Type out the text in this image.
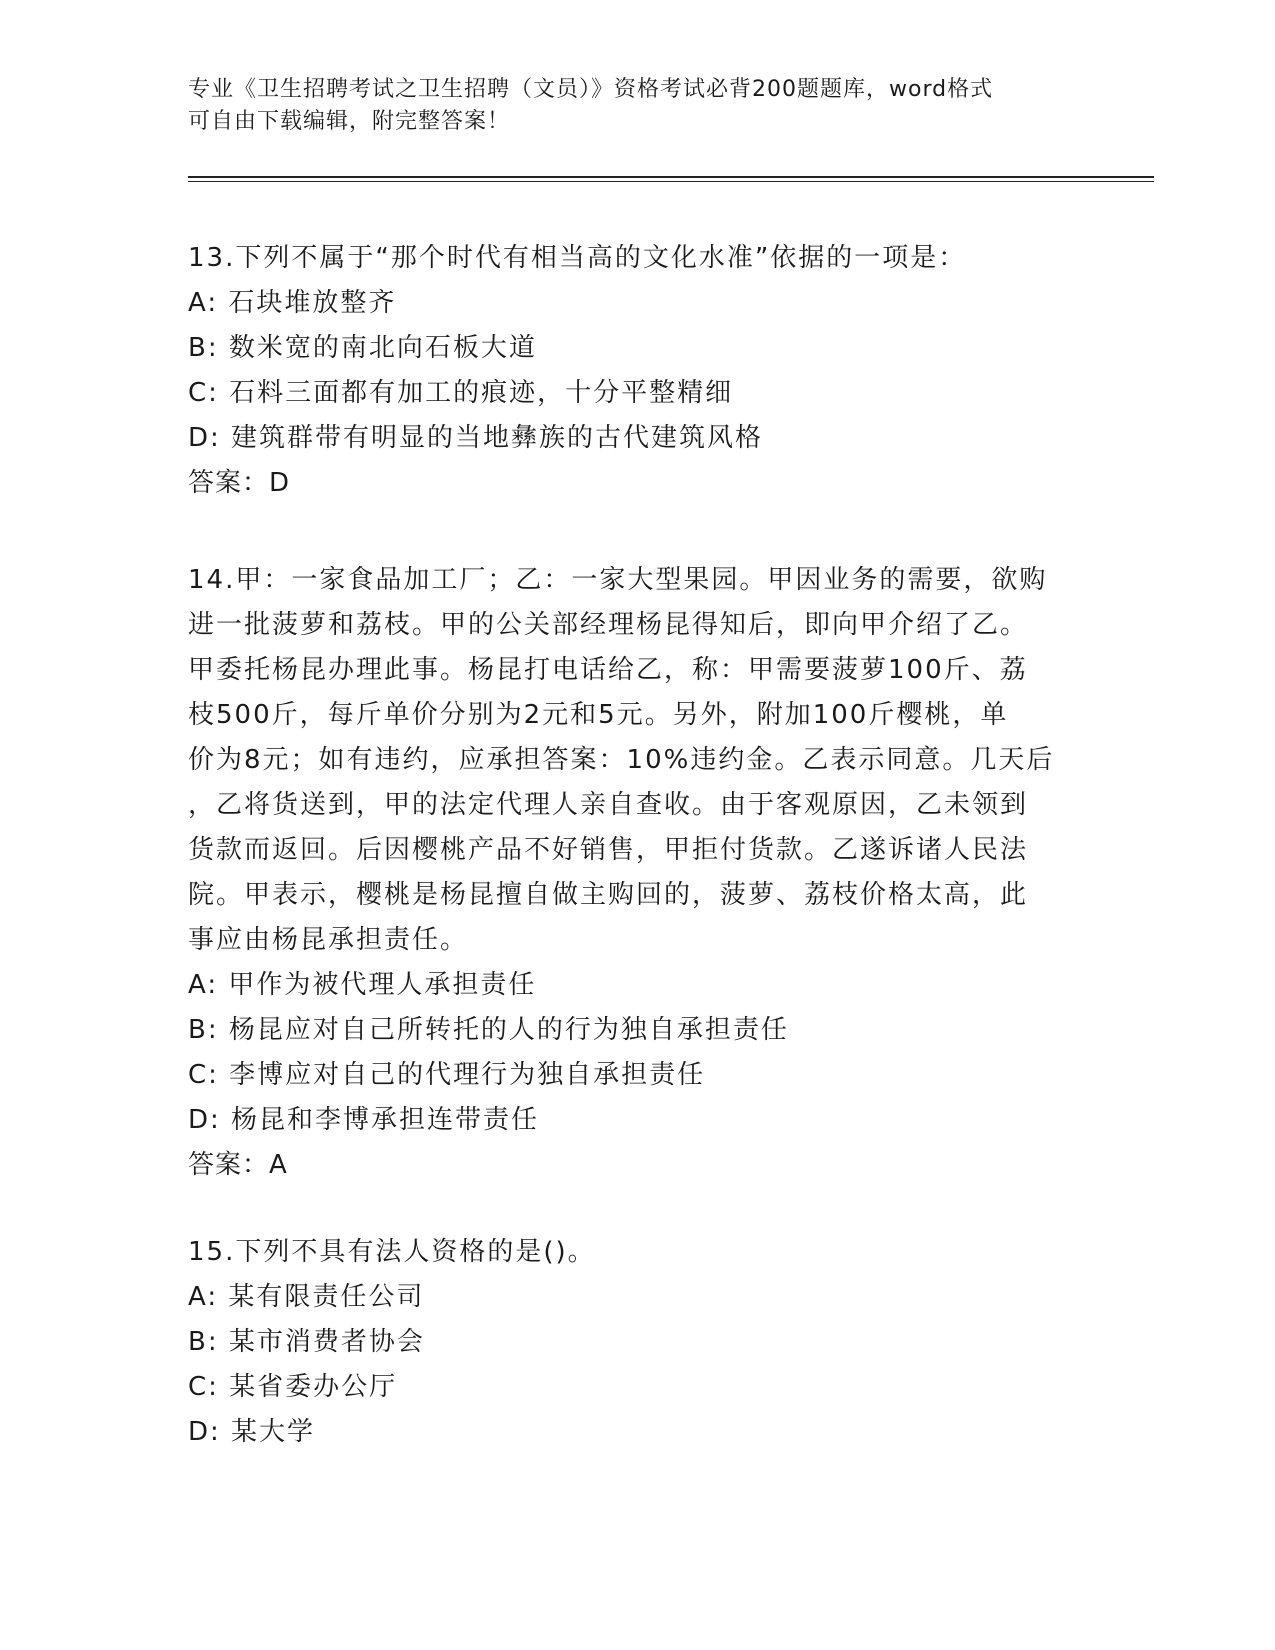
专业《卫生招聘考试之卫生招聘（文员）》资格考试必背200题题库，word格式
可自由下载编辑，附完整答案！

13.下列不属于“那个时代有相当高的文化水准”依据的一项是：

A: 石块堆放整齐

B: 数米宽的南北向石板大道

C: 石料三面都有加工的痕迹，十分平整精细

D: 建筑群带有明显的当地彝族的古代建筑风格

答案：D

14.甲：一家食品加工厂；乙：一家大型果园。甲因业务的需要，欲购

进一批菠萝和荔枝。甲的公关部经理杨昆得知后，即向甲介绍了乙。

甲委托杨昆办理此事。杨昆打电话给乙，称：甲需要菠萝100斤、荔

枝500斤，每斤单价分别为2元和5元。另外，附加100斤樱桃，单

价为8元；如有违约，应承担答案：10%违约金。乙表示同意。几天后

，乙将货送到，甲的法定代理人亲自查收。由于客观原因，乙未领到

货款而返回。后因樱桃产品不好销售，甲拒付货款。乙遂诉诸人民法

院。甲表示，樱桃是杨昆擅自做主购回的，菠萝、荔枝价格太高，此

事应由杨昆承担责任。

A: 甲作为被代理人承担责任

B: 杨昆应对自己所转托的人的行为独自承担责任

C: 李博应对自己的代理行为独自承担责任

D: 杨昆和李博承担连带责任

答案：A

15.下列不具有法人资格的是()。

A: 某有限责任公司

B: 某市消费者协会

C: 某省委办公厅

D: 某大学
